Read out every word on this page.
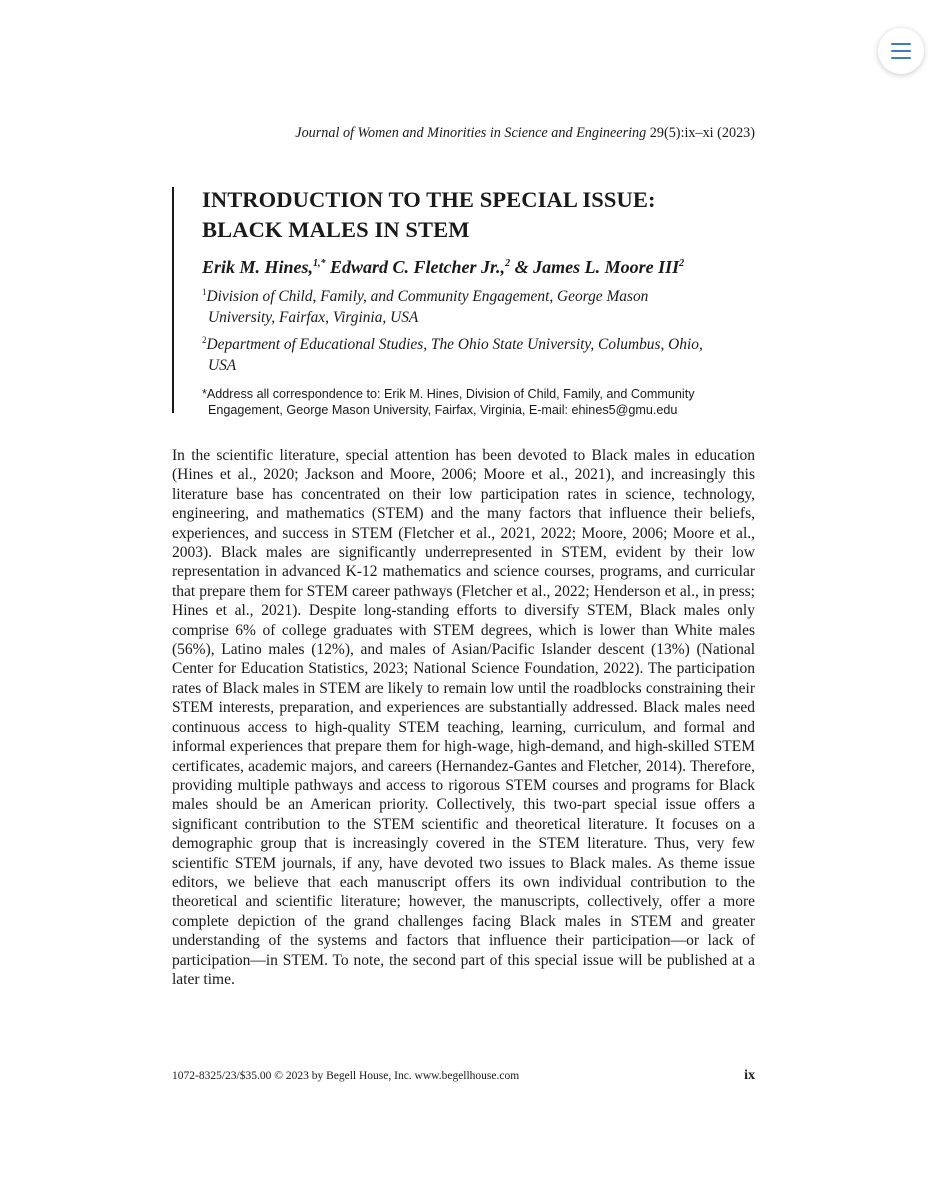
Journal of Women and Minorities in Science and Engineering 29(5):ix–xi (2023)
INTRODUCTION TO THE SPECIAL ISSUE:
BLACK MALES IN STEM
Erik M. Hines,$^{1,*}$ Edward C. Fletcher Jr.,$^2$ & James L. Moore III$^2$
$^1$Division of Child, Family, and Community Engagement, George Mason
University, Fairfax, Virginia, USA
$^2$Department of Educational Studies, The Ohio State University, Columbus, Ohio,
USA
*Address all correspondence to: Erik M. Hines, Division of Child, Family, and Community
Engagement, George Mason University, Fairfax, Virginia, E-mail: ehines5@gmu.edu

In the scientific literature, special attention has been devoted to Black males in education (Hines et al., 2020; Jackson and Moore, 2006; Moore et al., 2021), and increasingly this literature base has concentrated on their low participation rates in science, technology, engineering, and mathematics (STEM) and the many factors that influence their beliefs, experiences, and success in STEM (Fletcher et al., 2021, 2022; Moore, 2006; Moore et al., 2003). Black males are significantly underrepresented in STEM, evident by their low representation in advanced K-12 mathematics and science courses, programs, and curricular that prepare them for STEM career pathways (Fletcher et al., 2022; Henderson et al., in press; Hines et al., 2021). Despite long-standing efforts to diversify STEM, Black males only comprise 6% of college graduates with STEM degrees, which is lower than White males (56%), Latino males (12%), and males of Asian/Pacific Islander descent (13%) (National Center for Education Statistics, 2023; National Science Foundation, 2022). The participation rates of Black males in STEM are likely to remain low until the roadblocks constraining their STEM interests, preparation, and experiences are substantially addressed. Black males need continuous access to high-quality STEM teaching, learning, curriculum, and formal and informal experiences that prepare them for high-wage, high-demand, and high-skilled STEM certificates, academic majors, and careers (Hernandez-Gantes and Fletcher, 2014). Therefore, providing multiple pathways and access to rigorous STEM courses and programs for Black males should be an American priority. Collectively, this two-part special issue offers a significant contribution to the STEM scientific and theoretical literature. It focuses on a demographic group that is increasingly covered in the STEM literature. Thus, very few scientific STEM journals, if any, have devoted two issues to Black males. As theme issue editors, we believe that each manuscript offers its own individual contribution to the theoretical and scientific literature; however, the manuscripts, collectively, offer a more complete depiction of the grand challenges facing Black males in STEM and greater understanding of the systems and factors that influence their participation—or lack of participation—in STEM. To note, the second part of this special issue will be published at a later time.

1072-8325/23/$35.00 © 2023 by Begell House, Inc. www.begellhouse.com	ix
